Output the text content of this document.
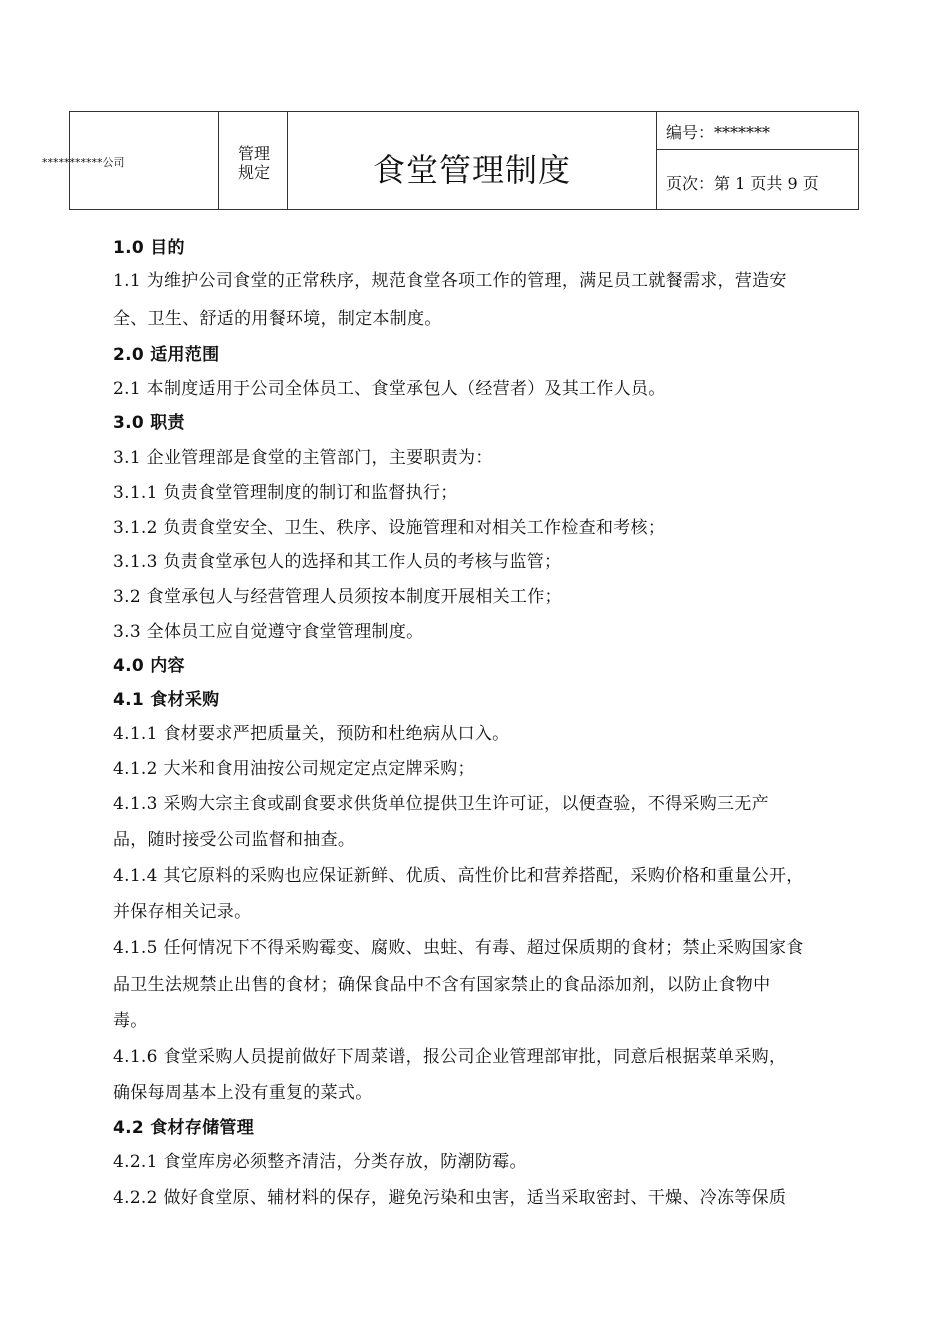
***********公司	管理
规定	食堂管理制度
编号：*******
页次：第 1 页共 9 页
1.0 目的
1.1 为维护公司食堂的正常秩序，规范食堂各项工作的管理，满足员工就餐需求，营造安
全、卫生、舒适的用餐环境，制定本制度。
2.0 适用范围
2.1 本制度适用于公司全体员工、食堂承包人（经营者）及其工作人员。
3.0 职责
3.1 企业管理部是食堂的主管部门，主要职责为：
3.1.1 负责食堂管理制度的制订和监督执行；
3.1.2 负责食堂安全、卫生、秩序、设施管理和对相关工作检查和考核；
3.1.3 负责食堂承包人的选择和其工作人员的考核与监管；
3.2 食堂承包人与经营管理人员须按本制度开展相关工作；
3.3 全体员工应自觉遵守食堂管理制度。
4.0 内容
4.1 食材采购
4.1.1 食材要求严把质量关，预防和杜绝病从口入。
4.1.2 大米和食用油按公司规定定点定牌采购；
4.1.3 采购大宗主食或副食要求供货单位提供卫生许可证，以便查验，不得采购三无产
品，随时接受公司监督和抽查。
4.1.4 其它原料的采购也应保证新鲜、优质、高性价比和营养搭配，采购价格和重量公开，
并保存相关记录。
4.1.5 任何情况下不得采购霉变、腐败、虫蛀、有毒、超过保质期的食材；禁止采购国家食
品卫生法规禁止出售的食材；确保食品中不含有国家禁止的食品添加剂，以防止食物中
毒。
4.1.6 食堂采购人员提前做好下周菜谱，报公司企业管理部审批，同意后根据菜单采购，
确保每周基本上没有重复的菜式。
4.2 食材存储管理
4.2.1 食堂库房必须整齐清洁，分类存放，防潮防霉。
4.2.2 做好食堂原、辅材料的保存，避免污染和虫害，适当采取密封、干燥、冷冻等保质
